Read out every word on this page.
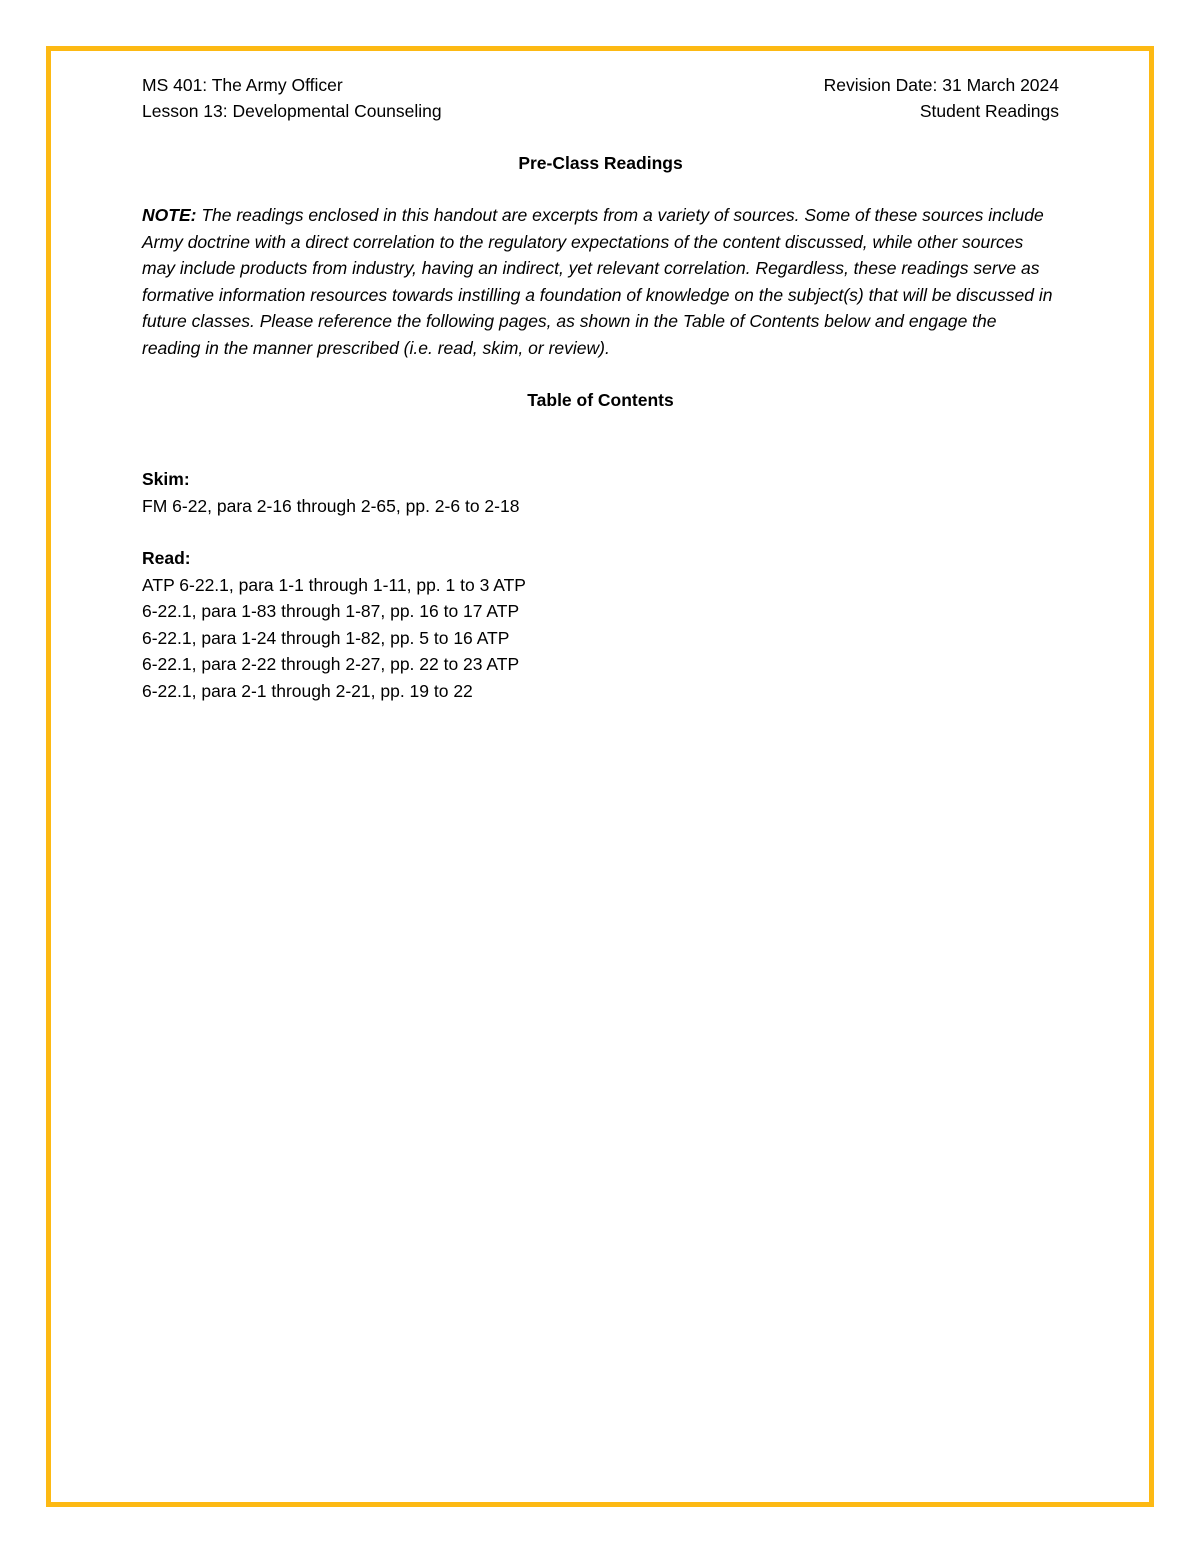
MS 401: The Army Officer	Revision Date: 31 March 2024
Lesson 13: Developmental Counseling	Student Readings
Pre-Class Readings
NOTE: The readings enclosed in this handout are excerpts from a variety of sources. Some of these sources include Army doctrine with a direct correlation to the regulatory expectations of the content discussed, while other sources may include products from industry, having an indirect, yet relevant correlation. Regardless, these readings serve as formative information resources towards instilling a foundation of knowledge on the subject(s) that will be discussed in future classes. Please reference the following pages, as shown in the Table of Contents below and engage the reading in the manner prescribed (i.e. read, skim, or review).
Table of Contents
Skim:
FM 6-22, para 2-16 through 2-65, pp. 2-6 to 2-18
Read:
ATP 6-22.1, para 1-1 through 1-11, pp. 1 to 3 ATP
6-22.1, para 1-83 through 1-87, pp. 16 to 17 ATP
6-22.1, para 1-24 through 1-82, pp. 5 to 16 ATP
6-22.1, para 2-22 through 2-27, pp. 22 to 23 ATP
6-22.1, para 2-1 through 2-21, pp. 19 to 22
